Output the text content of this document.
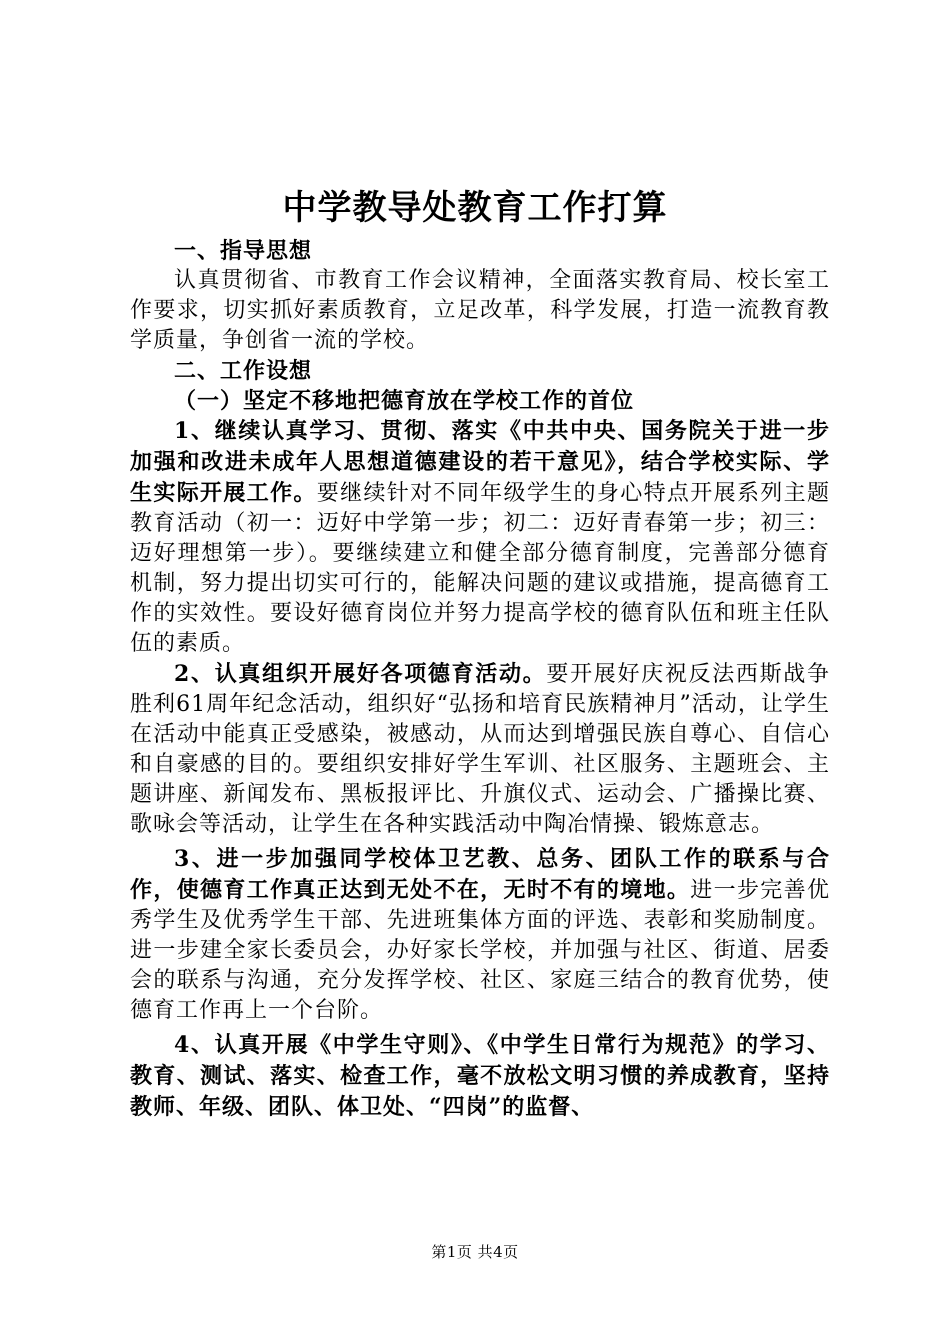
中学教导处教育工作打算

一、指导思想

认真贯彻省、市教育工作会议精神，全面落实教育局、校长室工作要求，切实抓好素质教育，立足改革，科学发展，打造一流教育教学质量，争创省一流的学校。

二、工作设想

（一）坚定不移地把德育放在学校工作的首位

1、继续认真学习、贯彻、落实《中共中央、国务院关于进一步加强和改进未成年人思想道德建设的若干意见》，结合学校实际、学生实际开展工作。要继续针对不同年级学生的身心特点开展系列主题教育活动（初一：迈好中学第一步；初二：迈好青春第一步；初三：迈好理想第一步）。要继续建立和健全部分德育制度，完善部分德育机制，努力提出切实可行的，能解决问题的建议或措施，提高德育工作的实效性。要设好德育岗位并努力提高学校的德育队伍和班主任队伍的素质。

2、认真组织开展好各项德育活动。要开展好庆祝反法西斯战争胜利61周年纪念活动，组织好“弘扬和培育民族精神月”活动，让学生在活动中能真正受感染，被感动，从而达到增强民族自尊心、自信心和自豪感的目的。要组织安排好学生军训、社区服务、主题班会、主题讲座、新闻发布、黑板报评比、升旗仪式、运动会、广播操比赛、歌咏会等活动，让学生在各种实践活动中陶冶情操、锻炼意志。

3、进一步加强同学校体卫艺教、总务、团队工作的联系与合作，使德育工作真正达到无处不在，无时不有的境地。进一步完善优秀学生及优秀学生干部、先进班集体方面的评选、表彰和奖励制度。进一步建全家长委员会，办好家长学校，并加强与社区、街道、居委会的联系与沟通，充分发挥学校、社区、家庭三结合的教育优势，使德育工作再上一个台阶。

4、认真开展《中学生守则》、《中学生日常行为规范》的学习、教育、测试、落实、检查工作，毫不放松文明习惯的养成教育，坚持教师、年级、团队、体卫处、“四岗”的监督、

第1页 共4页
